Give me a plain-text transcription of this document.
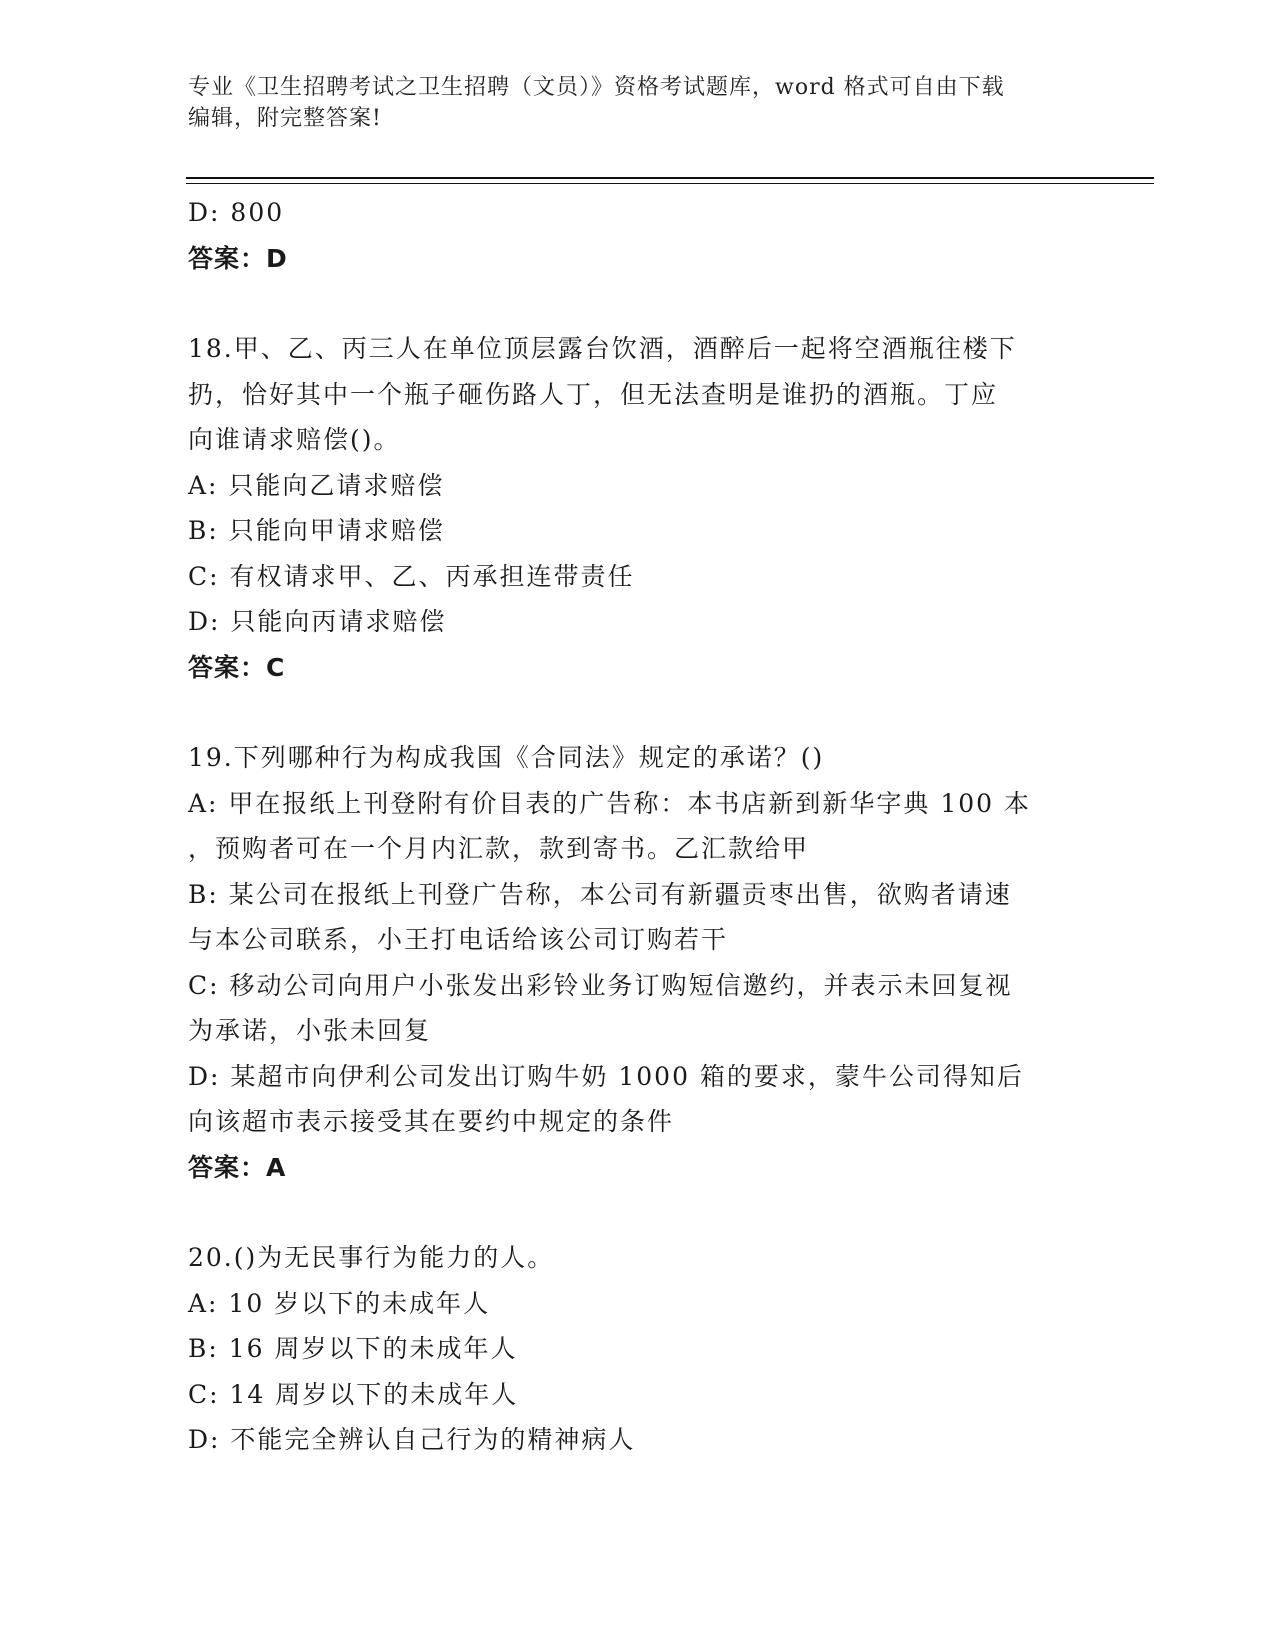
专业《卫生招聘考试之卫生招聘（文员）》资格考试题库，word 格式可自由下载
编辑，附完整答案!
D: 800
答案：D
18.甲、乙、丙三人在单位顶层露台饮酒，酒醉后一起将空酒瓶往楼下
扔，恰好其中一个瓶子砸伤路人丁，但无法查明是谁扔的酒瓶。丁应
向谁请求赔偿()。
A: 只能向乙请求赔偿
B: 只能向甲请求赔偿
C: 有权请求甲、乙、丙承担连带责任
D: 只能向丙请求赔偿
答案：C
19.下列哪种行为构成我国《合同法》规定的承诺？()
A: 甲在报纸上刊登附有价目表的广告称：本书店新到新华字典 100 本
，预购者可在一个月内汇款，款到寄书。乙汇款给甲
B: 某公司在报纸上刊登广告称，本公司有新疆贡枣出售，欲购者请速
与本公司联系，小王打电话给该公司订购若干
C: 移动公司向用户小张发出彩铃业务订购短信邀约，并表示未回复视
为承诺，小张未回复
D: 某超市向伊利公司发出订购牛奶 1000 箱的要求，蒙牛公司得知后
向该超市表示接受其在要约中规定的条件
答案：A
20.()为无民事行为能力的人。
A: 10 岁以下的未成年人
B: 16 周岁以下的未成年人
C: 14 周岁以下的未成年人
D: 不能完全辨认自己行为的精神病人
